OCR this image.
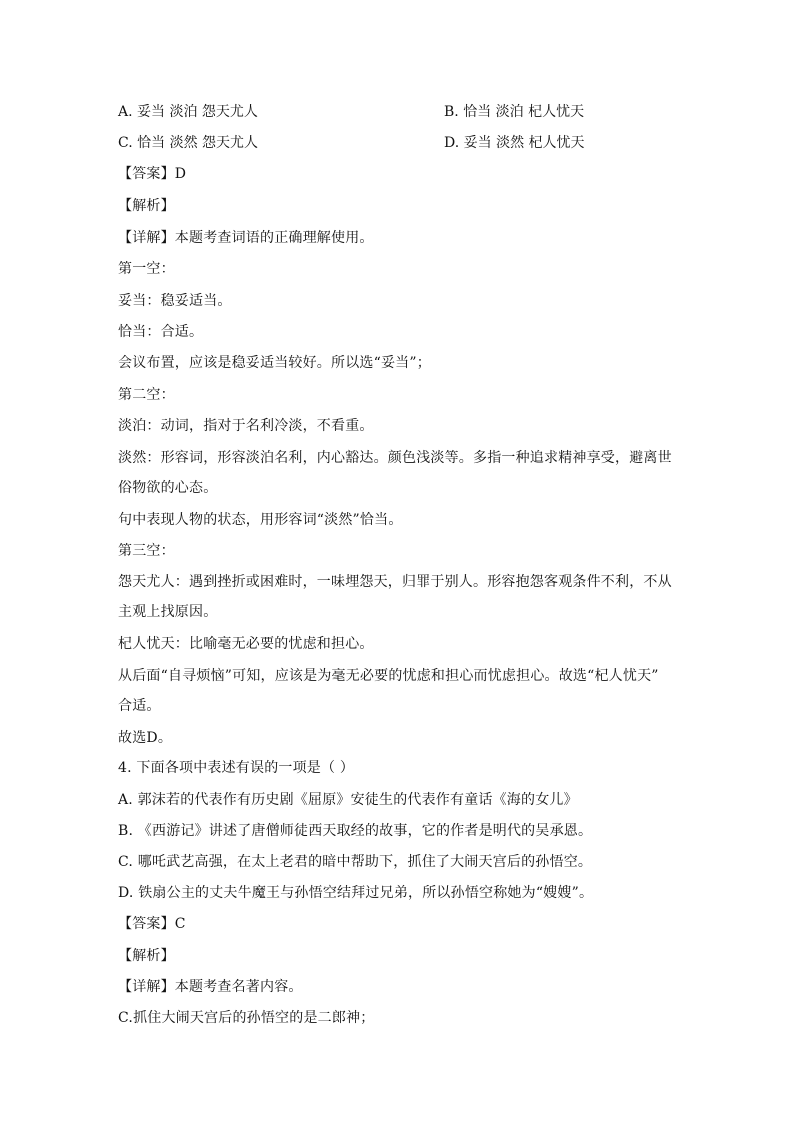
A. 妥当 淡泊 怨天尤人	B. 恰当 淡泊 杞人忧天
C. 恰当 淡然 怨天尤人	D. 妥当 淡然 杞人忧天
【答案】D
【解析】
【详解】本题考查词语的正确理解使用。
第一空：
妥当：稳妥适当。
恰当：合适。
会议布置，应该是稳妥适当较好。所以选“妥当”；
第二空：
淡泊：动词，指对于名利冷淡，不看重。
淡然：形容词，形容淡泊名利，内心豁达。颜色浅淡等。多指一种追求精神享受，避离世
俗物欲的心态。
句中表现人物的状态，用形容词“淡然”恰当。
第三空：
怨天尤人：遇到挫折或困难时，一味埋怨天，归罪于别人。形容抱怨客观条件不利，不从
主观上找原因。
杞人忧天：比喻毫无必要的忧虑和担心。
从后面“自寻烦恼”可知，应该是为毫无必要的忧虑和担心而忧虑担心。故选“杞人忧天”
合适。
故选D。
4. 下面各项中表述有误的一项是（ ）
A. 郭沫若的代表作有历史剧《屈原》安徒生的代表作有童话《海的女儿》
B. 《西游记》讲述了唐僧师徒西天取经的故事，它的作者是明代的吴承恩。
C. 哪吒武艺高强，在太上老君的暗中帮助下，抓住了大闹天宫后的孙悟空。
D. 铁扇公主的丈夫牛魔王与孙悟空结拜过兄弟，所以孙悟空称她为“嫂嫂”。
【答案】C
【解析】
【详解】本题考查名著内容。
C.抓住大闹天宫后的孙悟空的是二郎神；
